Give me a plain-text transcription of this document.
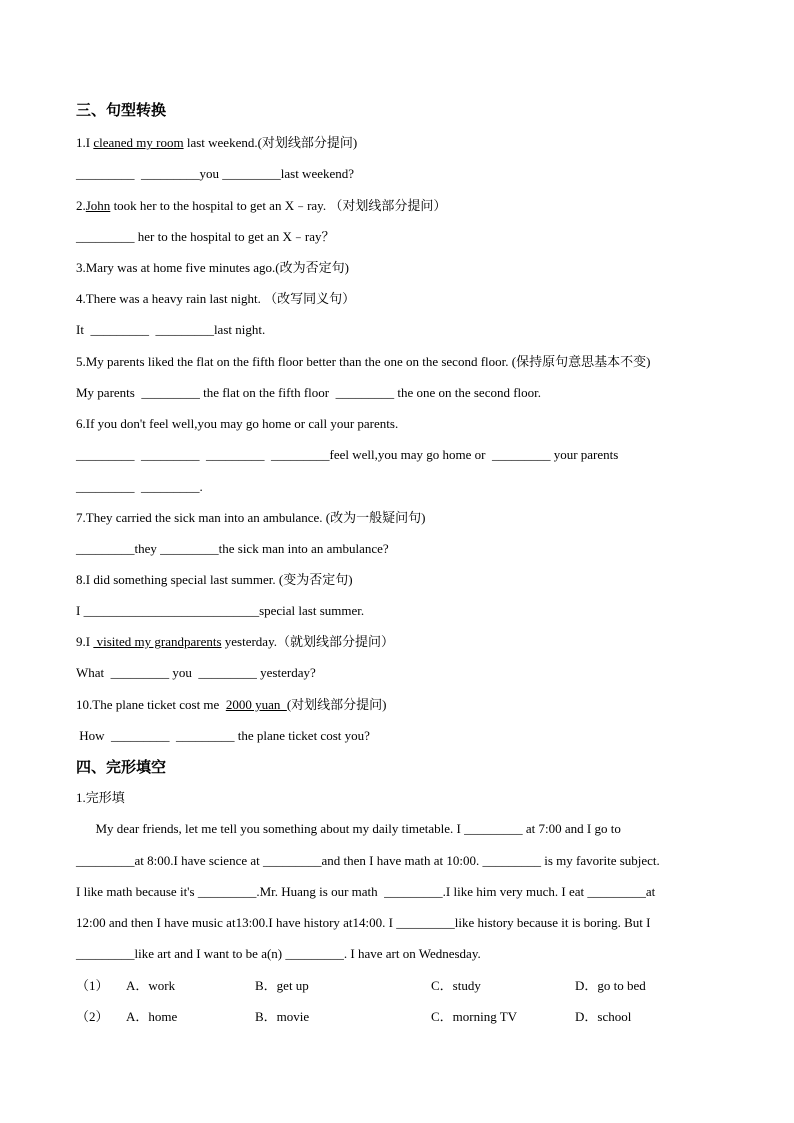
三、句型转换
1.I cleaned my room last weekend.(对划线部分提问)
_________  _________you _________last weekend?
2.John took her to the hospital to get an X﹣ray. （对划线部分提问）
_________ her to the hospital to get an X﹣ray？
3.Mary was at home five minutes ago.(改为否定句)
4.There was a heavy rain last night. （改写同义句）
It  _________  _________last night.
5.My parents liked the flat on the fifth floor better than the one on the second floor. (保持原句意思基本不变)
My parents  _________ the flat on the fifth floor  _________ the one on the second floor.
6.If you don't feel well,you may go home or call your parents.
_________  _________  _________  _________feel well,you may go home or  _________ your parents
_________  _________.
7.They carried the sick man into an ambulance. (改为一般疑问句)
_________they _________the sick man into an ambulance?
8.I did something special last summer. (变为否定句)
I ___________________________special last summer.
9.I  visited my grandparents yesterday.（就划线部分提问）
What  _________ you  _________ yesterday?
10.The plane ticket cost me  2000 yuan  (对划线部分提问)
How  _________  _________ the plane ticket cost you?
四、完形填空
1.完形填
My dear friends, let me tell you something about my daily timetable. I _________ at 7:00 and I go to
_________at 8:00.I have science at _________and then I have math at 10:00. _________ is my favorite subject.
I like math because it's _________.Mr. Huang is our math  _________.I like him very much. I eat _________at
12:00 and then I have music at13:00.I have history at14:00. I _________like history because it is boring. But I
_________like art and I want to be a(n) _________. I have art on Wednesday.
（1） A．work	B．get up	C．study	D．go to bed
（2） A．home	B．movie	C．morning TV	D．school
